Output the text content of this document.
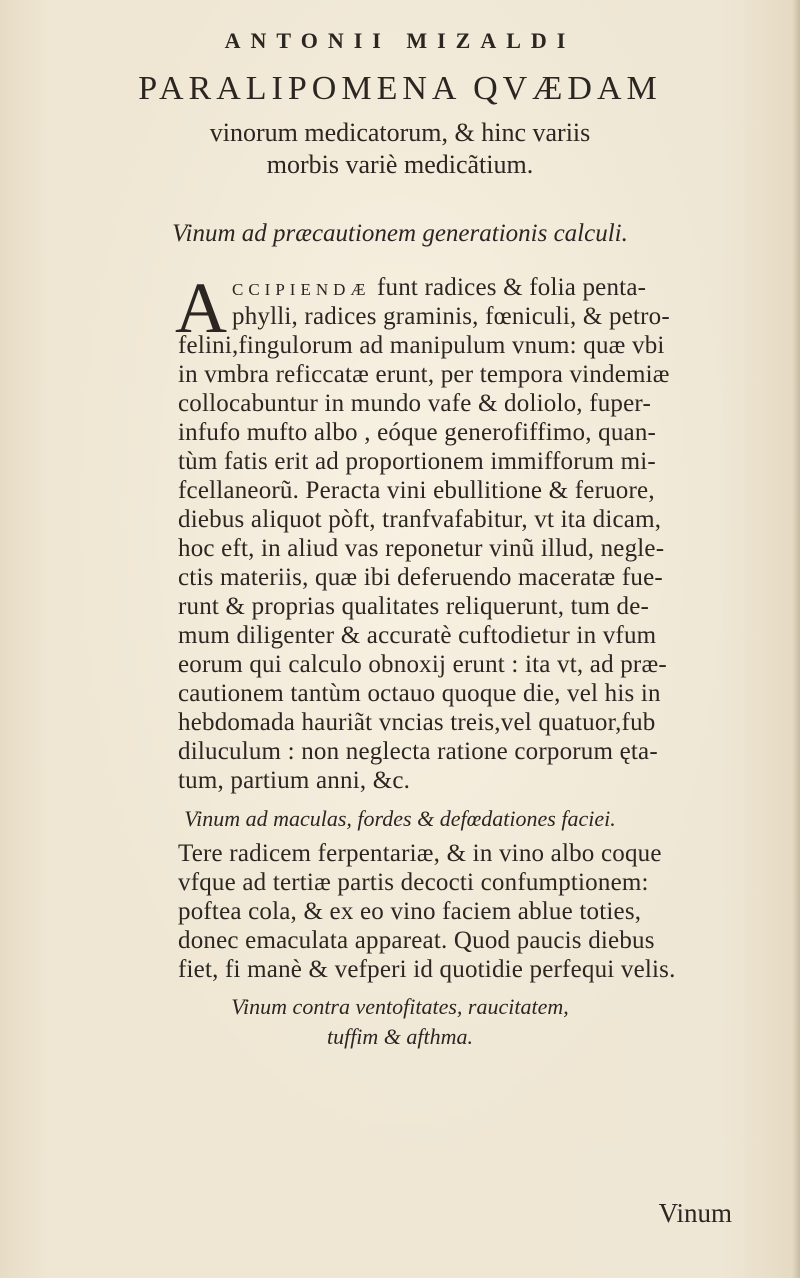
ANTONII MIZALDI
PARALIPOMENA QVÆDAM
vinorum medicatorum, & hinc variis
morbis variè medicãtium.
Vinum ad præcautionem generationis calculi.
A CCIPIENDÆ funt radices & folia penta-
phylli, radices graminis, fœniculi, & petro-
felini,fingulorum ad manipulum vnum: quæ vbi
in vmbra reficcatæ erunt, per tempora vindemiæ
collocabuntur in mundo vafe & doliolo, fuper-
infufo mufto albo , eóque generofiffimo, quan-
tùm fatis erit ad proportionem immifforum mi-
fcellaneorũ. Peracta vini ebullitione & feruore,
diebus aliquot pòft, tranfvafabitur, vt ita dicam,
hoc eft, in aliud vas reponetur vinũ illud, negle-
ctis materiis, quæ ibi deferuendo maceratæ fue-
runt & proprias qualitates reliquerunt, tum de-
mum diligenter & accuratè cuftodietur in vfum
eorum qui calculo obnoxij erunt : ita vt, ad præ-
cautionem tantùm octauo quoque die, vel his in
hebdomada hauriãt vncias treis,vel quatuor,fub
diluculum : non neglecta ratione corporum ęta-
tum, partium anni, &c.
Vinum ad maculas, fordes & defœdationes faciei.
Tere radicem ferpentariæ, & in vino albo coque
vfque ad tertiæ partis decocti confumptionem:
poftea cola, & ex eo vino faciem ablue toties,
donec emaculata appareat. Quod paucis diebus
fiet, fi manè & vefperi id quotidie perfequi velis.
Vinum contra ventofitates, raucitatem,
tuffim & afthma.
Vinum
